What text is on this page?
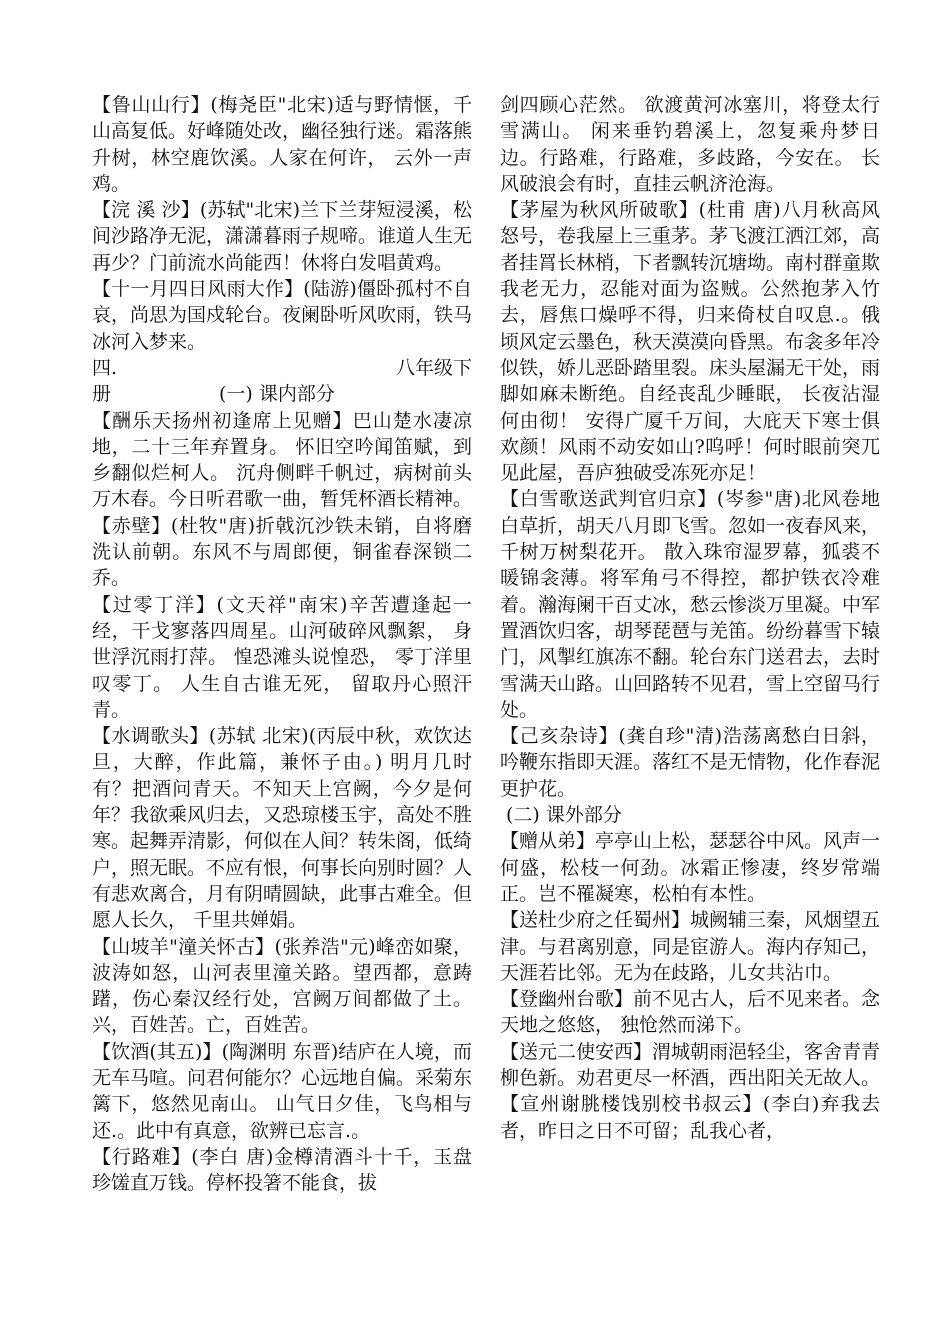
【鲁山山行】(梅尧臣"北宋)适与野情惬，千山高复低。好峰随处改，幽径独行迷。霜落熊升树，林空鹿饮溪。人家在何许， 云外一声鸡。

【浣 溪 沙】(苏轼"北宋)兰下兰芽短浸溪，松间沙路净无泥，潇潇暮雨子规啼。谁道人生无再少？门前流水尚能西！休将白发唱黄鸡。

【十一月四日风雨大作】(陆游)僵卧孤村不自哀，尚思为国戍轮台。夜阑卧听风吹雨，铁马冰河入梦来。

四.	八年级下
册	(一) 课内部分

【酬乐天扬州初逢席上见赠】巴山楚水凄凉地，二十三年弃置身。 怀旧空吟闻笛赋，到乡翻似烂柯人。 沉舟侧畔千帆过，病树前头万木春。今日听君歌一曲，暂凭杯酒长精神。

【赤壁】(杜牧"唐)折戟沉沙铁未销，自将磨洗认前朝。东风不与周郎便，铜雀春深锁二乔。

【过零丁洋】(文天祥"南宋)辛苦遭逢起一经，干戈寥落四周星。山河破碎风飘絮， 身世浮沉雨打萍。 惶恐滩头说惶恐， 零丁洋里叹零丁。 人生自古谁无死， 留取丹心照汗青。

【水调歌头】(苏轼 北宋)(丙辰中秋，欢饮达旦，大醉，作此篇，兼怀子由。) 明月几时有？把酒问青天。不知天上宫阙，今夕是何年？我欲乘风归去，又恐琼楼玉宇，高处不胜寒。起舞弄清影，何似在人间？转朱阁，低绮户，照无眠。不应有恨，何事长向别时圆？人有悲欢离合，月有阴晴圆缺，此事古难全。但愿人长久， 千里共婵娟。

【山坡羊"潼关怀古】(张养浩"元)峰峦如聚，波涛如怒，山河表里潼关路。望西都，意踌躇，伤心秦汉经行处，宫阙万间都做了土。兴，百姓苦。亡，百姓苦。

【饮酒(其五)】(陶渊明 东晋)结庐在人境，而无车马喧。问君何能尔？心远地自偏。采菊东篱下，悠然见南山。 山气日夕佳，飞鸟相与还.。此中有真意，欲辨已忘言.。

【行路难】(李白 唐)金樽清酒斗十千，玉盘珍馐直万钱。停杯投箸不能食，拔

剑四顾心茫然。 欲渡黄河冰塞川，将登太行雪满山。 闲来垂钓碧溪上，忽复乘舟梦日边。行路难，行路难，多歧路，今安在。 长风破浪会有时，直挂云帆济沧海。

【茅屋为秋风所破歌】(杜甫 唐)八月秋高风怒号，卷我屋上三重茅。茅飞渡江洒江郊，高者挂罥长林梢，下者飘转沉塘坳。南村群童欺我老无力，忍能对面为盗贼。公然抱茅入竹去，唇焦口燥呼不得，归来倚杖自叹息.。俄顷风定云墨色，秋天漠漠向昏黑。布衾多年冷似铁，娇儿恶卧踏里裂。床头屋漏无干处，雨脚如麻未断绝。自经丧乱少睡眠， 长夜沾湿何由彻！ 安得广厦千万间，大庇天下寒士俱欢颜！风雨不动安如山?呜呼！何时眼前突兀见此屋，吾庐独破受冻死亦足！

【白雪歌送武判官归京】(岑参"唐)北风卷地白草折，胡天八月即飞雪。忽如一夜春风来，千树万树梨花开。 散入珠帘湿罗幕，狐裘不暖锦衾薄。将军角弓不得控，都护铁衣冷难着。瀚海阑干百丈冰，愁云惨淡万里凝。中军置酒饮归客，胡琴琵琶与羌笛。纷纷暮雪下辕门，风掣红旗冻不翻。轮台东门送君去，去时雪满天山路。山回路转不见君，雪上空留马行处。

【己亥杂诗】(龚自珍"清)浩荡离愁白日斜，吟鞭东指即天涯。落红不是无情物，化作春泥更护花。

(二) 课外部分

【赠从弟】亭亭山上松，瑟瑟谷中风。风声一何盛，松枝一何劲。冰霜正惨凄，终岁常端正。岂不罹凝寒，松柏有本性。

【送杜少府之任蜀州】城阙辅三秦，风烟望五津。与君离别意，同是宦游人。海内存知己，天涯若比邻。无为在歧路，儿女共沾巾。

【登幽州台歌】前不见古人，后不见来者。念天地之悠悠， 独怆然而涕下。

【送元二使安西】渭城朝雨浥轻尘，客舍青青柳色新。劝君更尽一杯酒，西出阳关无故人。

【宣州谢朓楼饯别校书叔云】(李白)弃我去者，昨日之日不可留；乱我心者，
